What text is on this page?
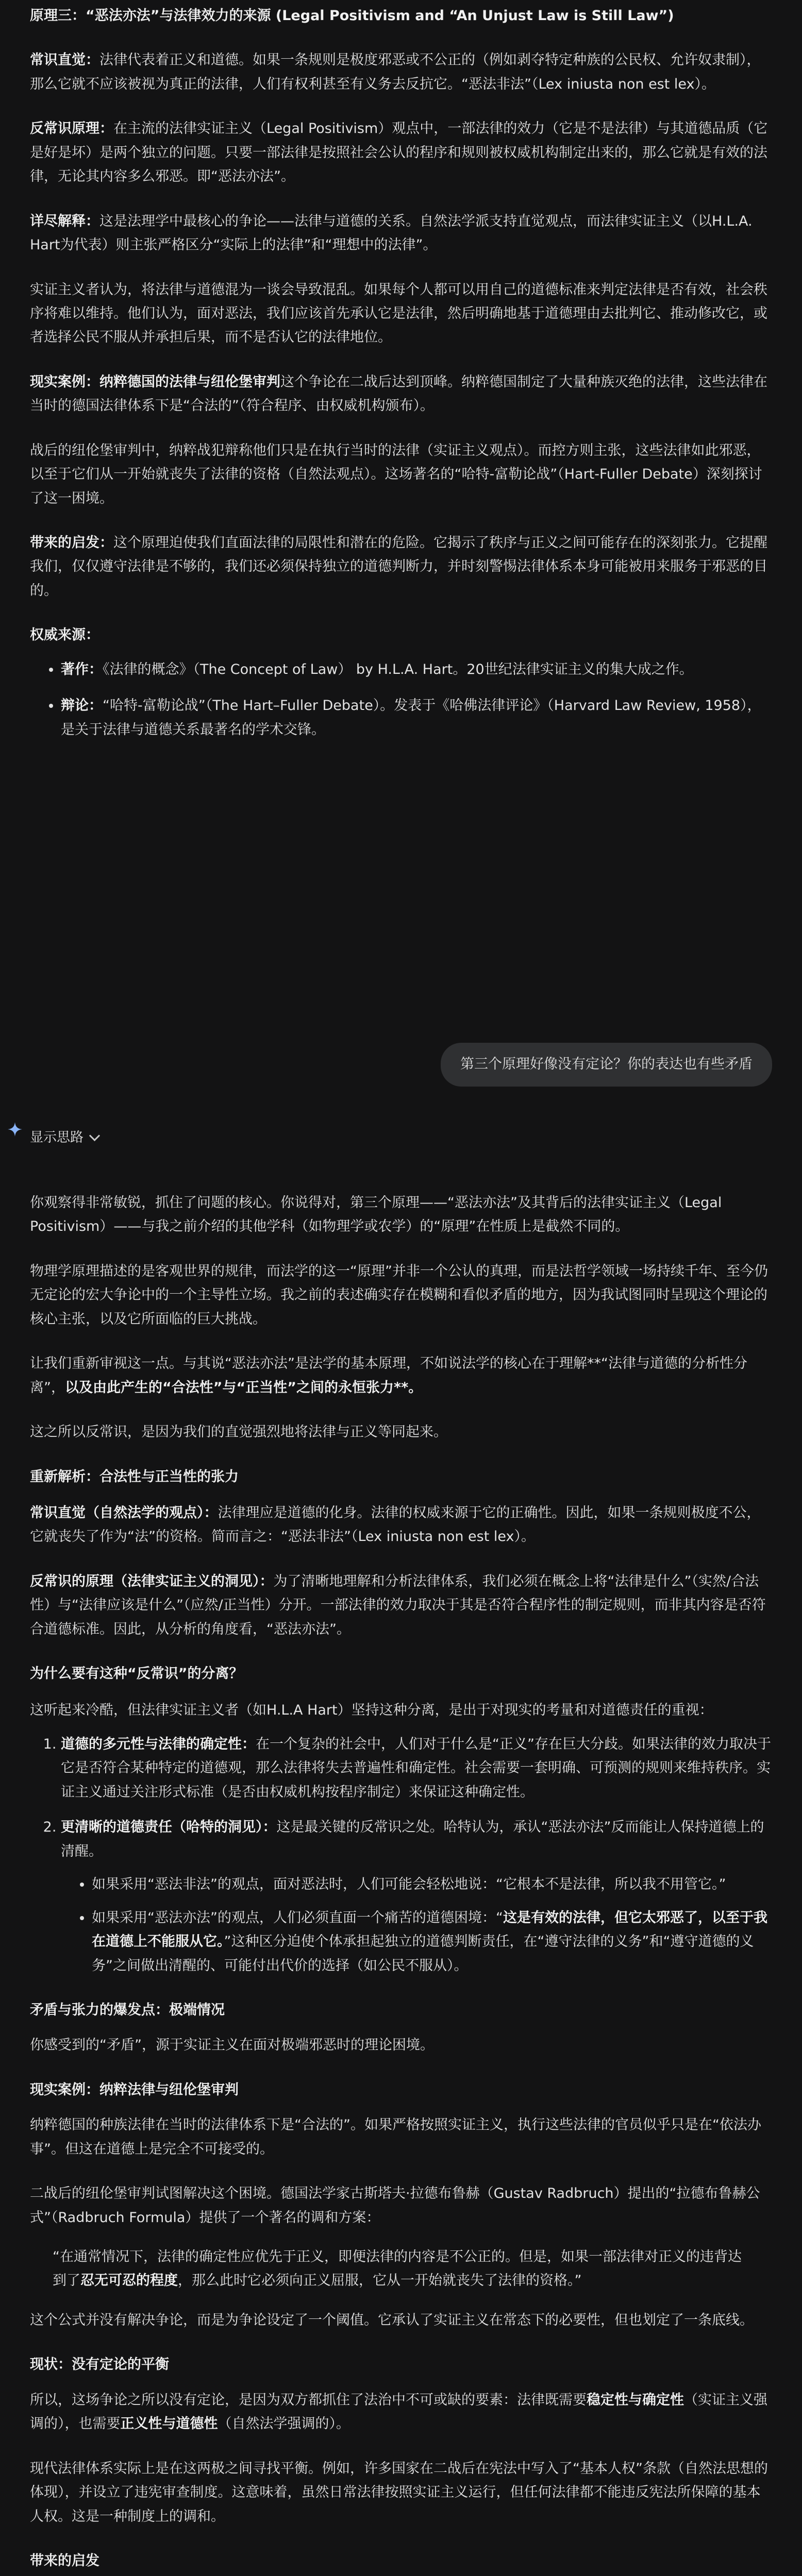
原理三：“恶法亦法”与法律效力的来源 (Legal Positivism and “An Unjust Law is Still Law”)

常识直觉：法律代表着正义和道德。如果一条规则是极度邪恶或不公正的（例如剥夺特定种族的公民权、允许奴隶制），那么它就不应该被视为真正的法律，人们有权利甚至有义务去反抗它。“恶法非法”（Lex iniusta non est lex）。

反常识原理：在主流的法律实证主义（Legal Positivism）观点中，一部法律的效力（它是不是法律）与其道德品质（它是好是坏）是两个独立的问题。只要一部法律是按照社会公认的程序和规则被权威机构制定出来的，那么它就是有效的法律，无论其内容多么邪恶。即“恶法亦法”。

详尽解释：这是法理学中最核心的争论——法律与道德的关系。自然法学派支持直觉观点，而法律实证主义（以H.L.A. Hart为代表）则主张严格区分“实际上的法律”和“理想中的法律”。

实证主义者认为，将法律与道德混为一谈会导致混乱。如果每个人都可以用自己的道德标准来判定法律是否有效，社会秩序将难以维持。他们认为，面对恶法，我们应该首先承认它是法律，然后明确地基于道德理由去批判它、推动修改它，或者选择公民不服从并承担后果，而不是否认它的法律地位。

现实案例：纳粹德国的法律与纽伦堡审判这个争论在二战后达到顶峰。纳粹德国制定了大量种族灭绝的法律，这些法律在当时的德国法律体系下是“合法的”（符合程序、由权威机构颁布）。

战后的纽伦堡审判中，纳粹战犯辩称他们只是在执行当时的法律（实证主义观点）。而控方则主张，这些法律如此邪恶，以至于它们从一开始就丧失了法律的资格（自然法观点）。这场著名的“哈特-富勒论战”（Hart-Fuller Debate）深刻探讨了这一困境。

带来的启发：这个原理迫使我们直面法律的局限性和潜在的危险。它揭示了秩序与正义之间可能存在的深刻张力。它提醒我们，仅仅遵守法律是不够的，我们还必须保持独立的道德判断力，并时刻警惕法律体系本身可能被用来服务于邪恶的目的。

权威来源：

• 著作：《法律的概念》（The Concept of Law） by H.L.A. Hart。20世纪法律实证主义的集大成之作。
• 辩论：“哈特-富勒论战”（The Hart–Fuller Debate）。发表于《哈佛法律评论》（Harvard Law Review, 1958），是关于法律与道德关系最著名的学术交锋。
第三个原理好像没有定论？你的表达也有些矛盾
显示思路

你观察得非常敏锐，抓住了问题的核心。你说得对，第三个原理——“恶法亦法”及其背后的法律实证主义（Legal Positivism）——与我之前介绍的其他学科（如物理学或农学）的“原理”在性质上是截然不同的。

物理学原理描述的是客观世界的规律，而法学的这一“原理”并非一个公认的真理，而是法哲学领域一场持续千年、至今仍无定论的宏大争论中的一个主导性立场。我之前的表述确实存在模糊和看似矛盾的地方，因为我试图同时呈现这个理论的核心主张，以及它所面临的巨大挑战。

让我们重新审视这一点。与其说“恶法亦法”是法学的基本原理，不如说法学的核心在于理解**“法律与道德的分析性分离”，以及由此产生的“合法性”与“正当性”之间的永恒张力**。

这之所以反常识，是因为我们的直觉强烈地将法律与正义等同起来。

重新解析：合法性与正当性的张力

常识直觉（自然法学的观点）：法律理应是道德的化身。法律的权威来源于它的正确性。因此，如果一条规则极度不公，它就丧失了作为“法”的资格。简而言之：“恶法非法”（Lex iniusta non est lex）。

反常识的原理（法律实证主义的洞见）：为了清晰地理解和分析法律体系，我们必须在概念上将“法律是什么”（实然/合法性）与“法律应该是什么”（应然/正当性）分开。一部法律的效力取决于其是否符合程序性的制定规则，而非其内容是否符合道德标准。因此，从分析的角度看，“恶法亦法”。

为什么要有这种“反常识”的分离？

这听起来冷酷，但法律实证主义者（如H.L.A Hart）坚持这种分离，是出于对现实的考量和对道德责任的重视：

1. 道德的多元性与法律的确定性：在一个复杂的社会中，人们对于什么是“正义”存在巨大分歧。如果法律的效力取决于它是否符合某种特定的道德观，那么法律将失去普遍性和确定性。社会需要一套明确、可预测的规则来维持秩序。实证主义通过关注形式标准（是否由权威机构按程序制定）来保证这种确定性。
2. 更清晰的道德责任（哈特的洞见）：这是最关键的反常识之处。哈特认为，承认“恶法亦法”反而能让人保持道德上的清醒。
• 如果采用“恶法非法”的观点，面对恶法时，人们可能会轻松地说：“它根本不是法律，所以我不用管它。”
• 如果采用“恶法亦法”的观点，人们必须直面一个痛苦的道德困境：“这是有效的法律，但它太邪恶了，以至于我在道德上不能服从它。”这种区分迫使个体承担起独立的道德判断责任，在“遵守法律的义务”和“遵守道德的义务”之间做出清醒的、可能付出代价的选择（如公民不服从）。

矛盾与张力的爆发点：极端情况

你感受到的“矛盾”，源于实证主义在面对极端邪恶时的理论困境。

现实案例：纳粹法律与纽伦堡审判

纳粹德国的种族法律在当时的法律体系下是“合法的”。如果严格按照实证主义，执行这些法律的官员似乎只是在“依法办事”。但这在道德上是完全不可接受的。

二战后的纽伦堡审判试图解决这个困境。德国法学家古斯塔夫·拉德布鲁赫（Gustav Radbruch）提出的“拉德布鲁赫公式”（Radbruch Formula）提供了一个著名的调和方案：

“在通常情况下，法律的确定性应优先于正义，即便法律的内容是不公正的。但是，如果一部法律对正义的违背达到了忍无可忍的程度，那么此时它必须向正义屈服，它从一开始就丧失了法律的资格。”

这个公式并没有解决争论，而是为争论设定了一个阈值。它承认了实证主义在常态下的必要性，但也划定了一条底线。

现状：没有定论的平衡

所以，这场争论之所以没有定论，是因为双方都抓住了法治中不可或缺的要素：法律既需要稳定性与确定性（实证主义强调的），也需要正义性与道德性（自然法学强调的）。

现代法律体系实际上是在这两极之间寻找平衡。例如，许多国家在二战后在宪法中写入了“基本人权”条款（自然法思想的体现），并设立了违宪审查制度。这意味着，虽然日常法律按照实证主义运行，但任何法律都不能违反宪法所保障的基本人权。这是一种制度上的调和。

带来的启发
